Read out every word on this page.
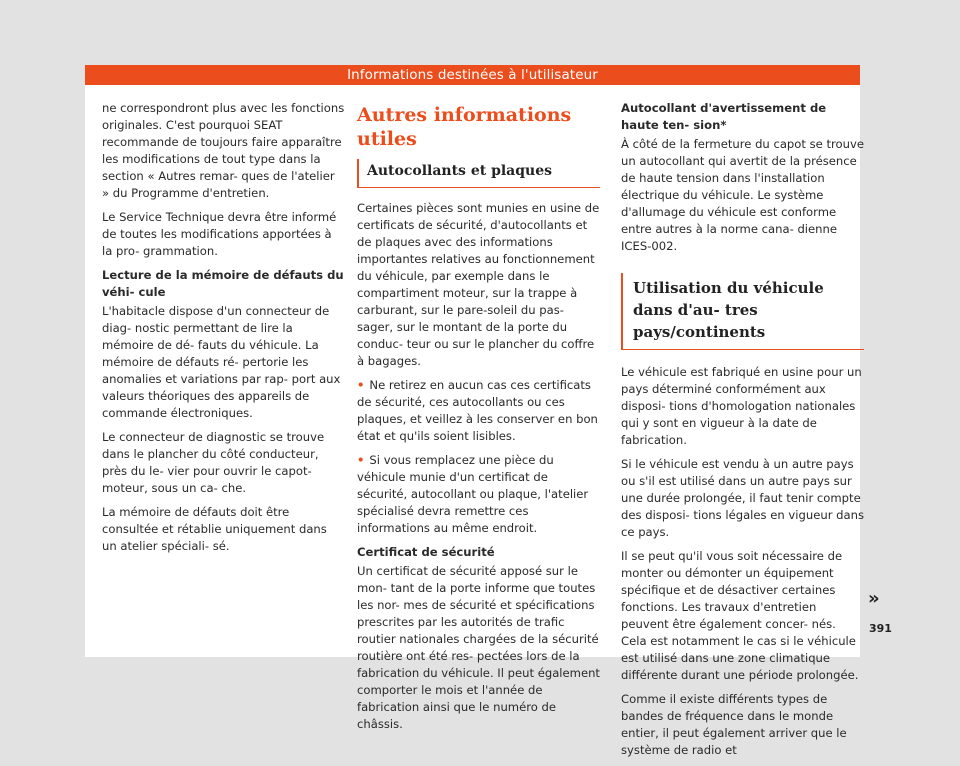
Informations destinées à l'utilisateur

ne correspondront plus avec les fonctions originales. C'est pourquoi SEAT recommande de toujours faire apparaître les modifications de tout type dans la section « Autres remar- ques de l'atelier » du Programme d'entretien.

Le Service Technique devra être informé de toutes les modifications apportées à la pro- grammation.

Lecture de la mémoire de défauts du véhi- cule

L'habitacle dispose d'un connecteur de diag- nostic permettant de lire la mémoire de dé- fauts du véhicule. La mémoire de défauts ré- pertorie les anomalies et variations par rap- port aux valeurs théoriques des appareils de commande électroniques.

Le connecteur de diagnostic se trouve dans le plancher du côté conducteur, près du le- vier pour ouvrir le capot-moteur, sous un ca- che.

La mémoire de défauts doit être consultée et rétablie uniquement dans un atelier spéciali- sé.

Autres informations utiles
Autocollants et plaques

Certaines pièces sont munies en usine de certificats de sécurité, d'autocollants et de plaques avec des informations importantes relatives au fonctionnement du véhicule, par exemple dans le compartiment moteur, sur la trappe à carburant, sur le pare-soleil du pas- sager, sur le montant de la porte du conduc- teur ou sur le plancher du coffre à bagages.

• Ne retirez en aucun cas ces certificats de sécurité, ces autocollants ou ces plaques, et veillez à les conserver en bon état et qu'ils soient lisibles.

• Si vous remplacez une pièce du véhicule munie d'un certificat de sécurité, autocollant ou plaque, l'atelier spécialisé devra remettre ces informations au même endroit.

Certificat de sécurité

Un certificat de sécurité apposé sur le mon- tant de la porte informe que toutes les nor- mes de sécurité et spécifications prescrites par les autorités de trafic routier nationales chargées de la sécurité routière ont été res- pectées lors de la fabrication du véhicule. Il peut également comporter le mois et l'année de fabrication ainsi que le numéro de châssis.

Autocollant d'avertissement de haute ten- sion*

À côté de la fermeture du capot se trouve un autocollant qui avertit de la présence de haute tension dans l'installation électrique du véhicule. Le système d'allumage du véhicule est conforme entre autres à la norme cana- dienne ICES-002.

Utilisation du véhicule dans d'au- tres pays/continents

Le véhicule est fabriqué en usine pour un pays déterminé conformément aux disposi- tions d'homologation nationales qui y sont en vigueur à la date de fabrication.

Si le véhicule est vendu à un autre pays ou s'il est utilisé dans un autre pays sur une durée prolongée, il faut tenir compte des disposi- tions légales en vigueur dans ce pays.

Il se peut qu'il vous soit nécessaire de monter ou démonter un équipement spécifique et de désactiver certaines fonctions. Les travaux d'entretien peuvent être également concer- nés. Cela est notamment le cas si le véhicule est utilisé dans une zone climatique différente durant une période prolongée.

Comme il existe différents types de bandes de fréquence dans le monde entier, il peut également arriver que le système de radio et

»
391
